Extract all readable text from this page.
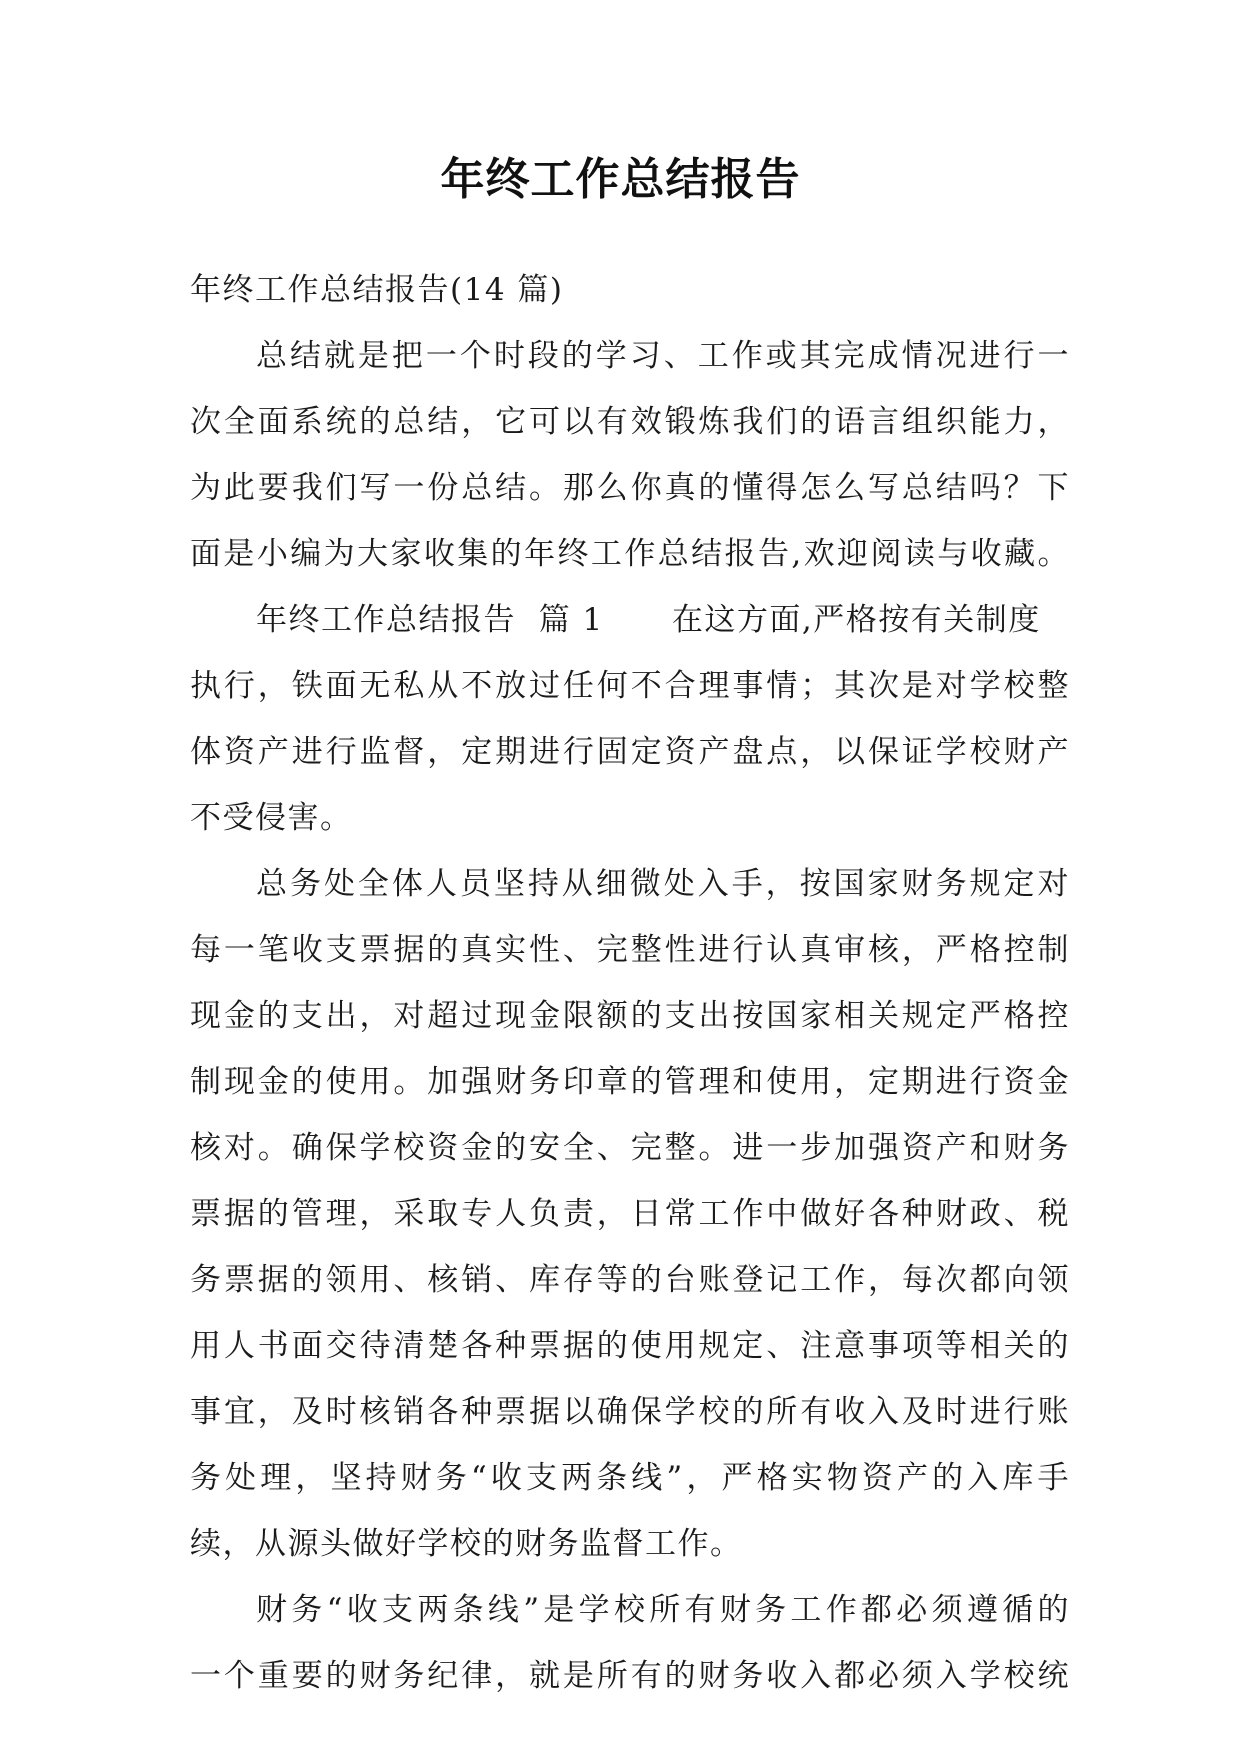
年终工作总结报告
年终工作总结报告(14 篇)
总结就是把一个时段的学习、工作或其完成情况进行一
次全面系统的总结，它可以有效锻炼我们的语言组织能力，
为此要我们写一份总结。那么你真的懂得怎么写总结吗？下
面是小编为大家收集的年终工作总结报告,欢迎阅读与收藏。
年终工作总结报告  篇 1      在这方面,严格按有关制度
执行，铁面无私从不放过任何不合理事情；其次是对学校整
体资产进行监督，定期进行固定资产盘点，以保证学校财产
不受侵害。
总务处全体人员坚持从细微处入手，按国家财务规定对
每一笔收支票据的真实性、完整性进行认真审核，严格控制
现金的支出，对超过现金限额的支出按国家相关规定严格控
制现金的使用。加强财务印章的管理和使用，定期进行资金
核对。确保学校资金的安全、完整。进一步加强资产和财务
票据的管理，采取专人负责，日常工作中做好各种财政、税
务票据的领用、核销、库存等的台账登记工作，每次都向领
用人书面交待清楚各种票据的使用规定、注意事项等相关的
事宜，及时核销各种票据以确保学校的所有收入及时进行账
务处理，坚持财务“收支两条线”，严格实物资产的入库手
续，从源头做好学校的财务监督工作。
财务“收支两条线”是学校所有财务工作都必须遵循的
一个重要的财务纪律，就是所有的财务收入都必须入学校统
